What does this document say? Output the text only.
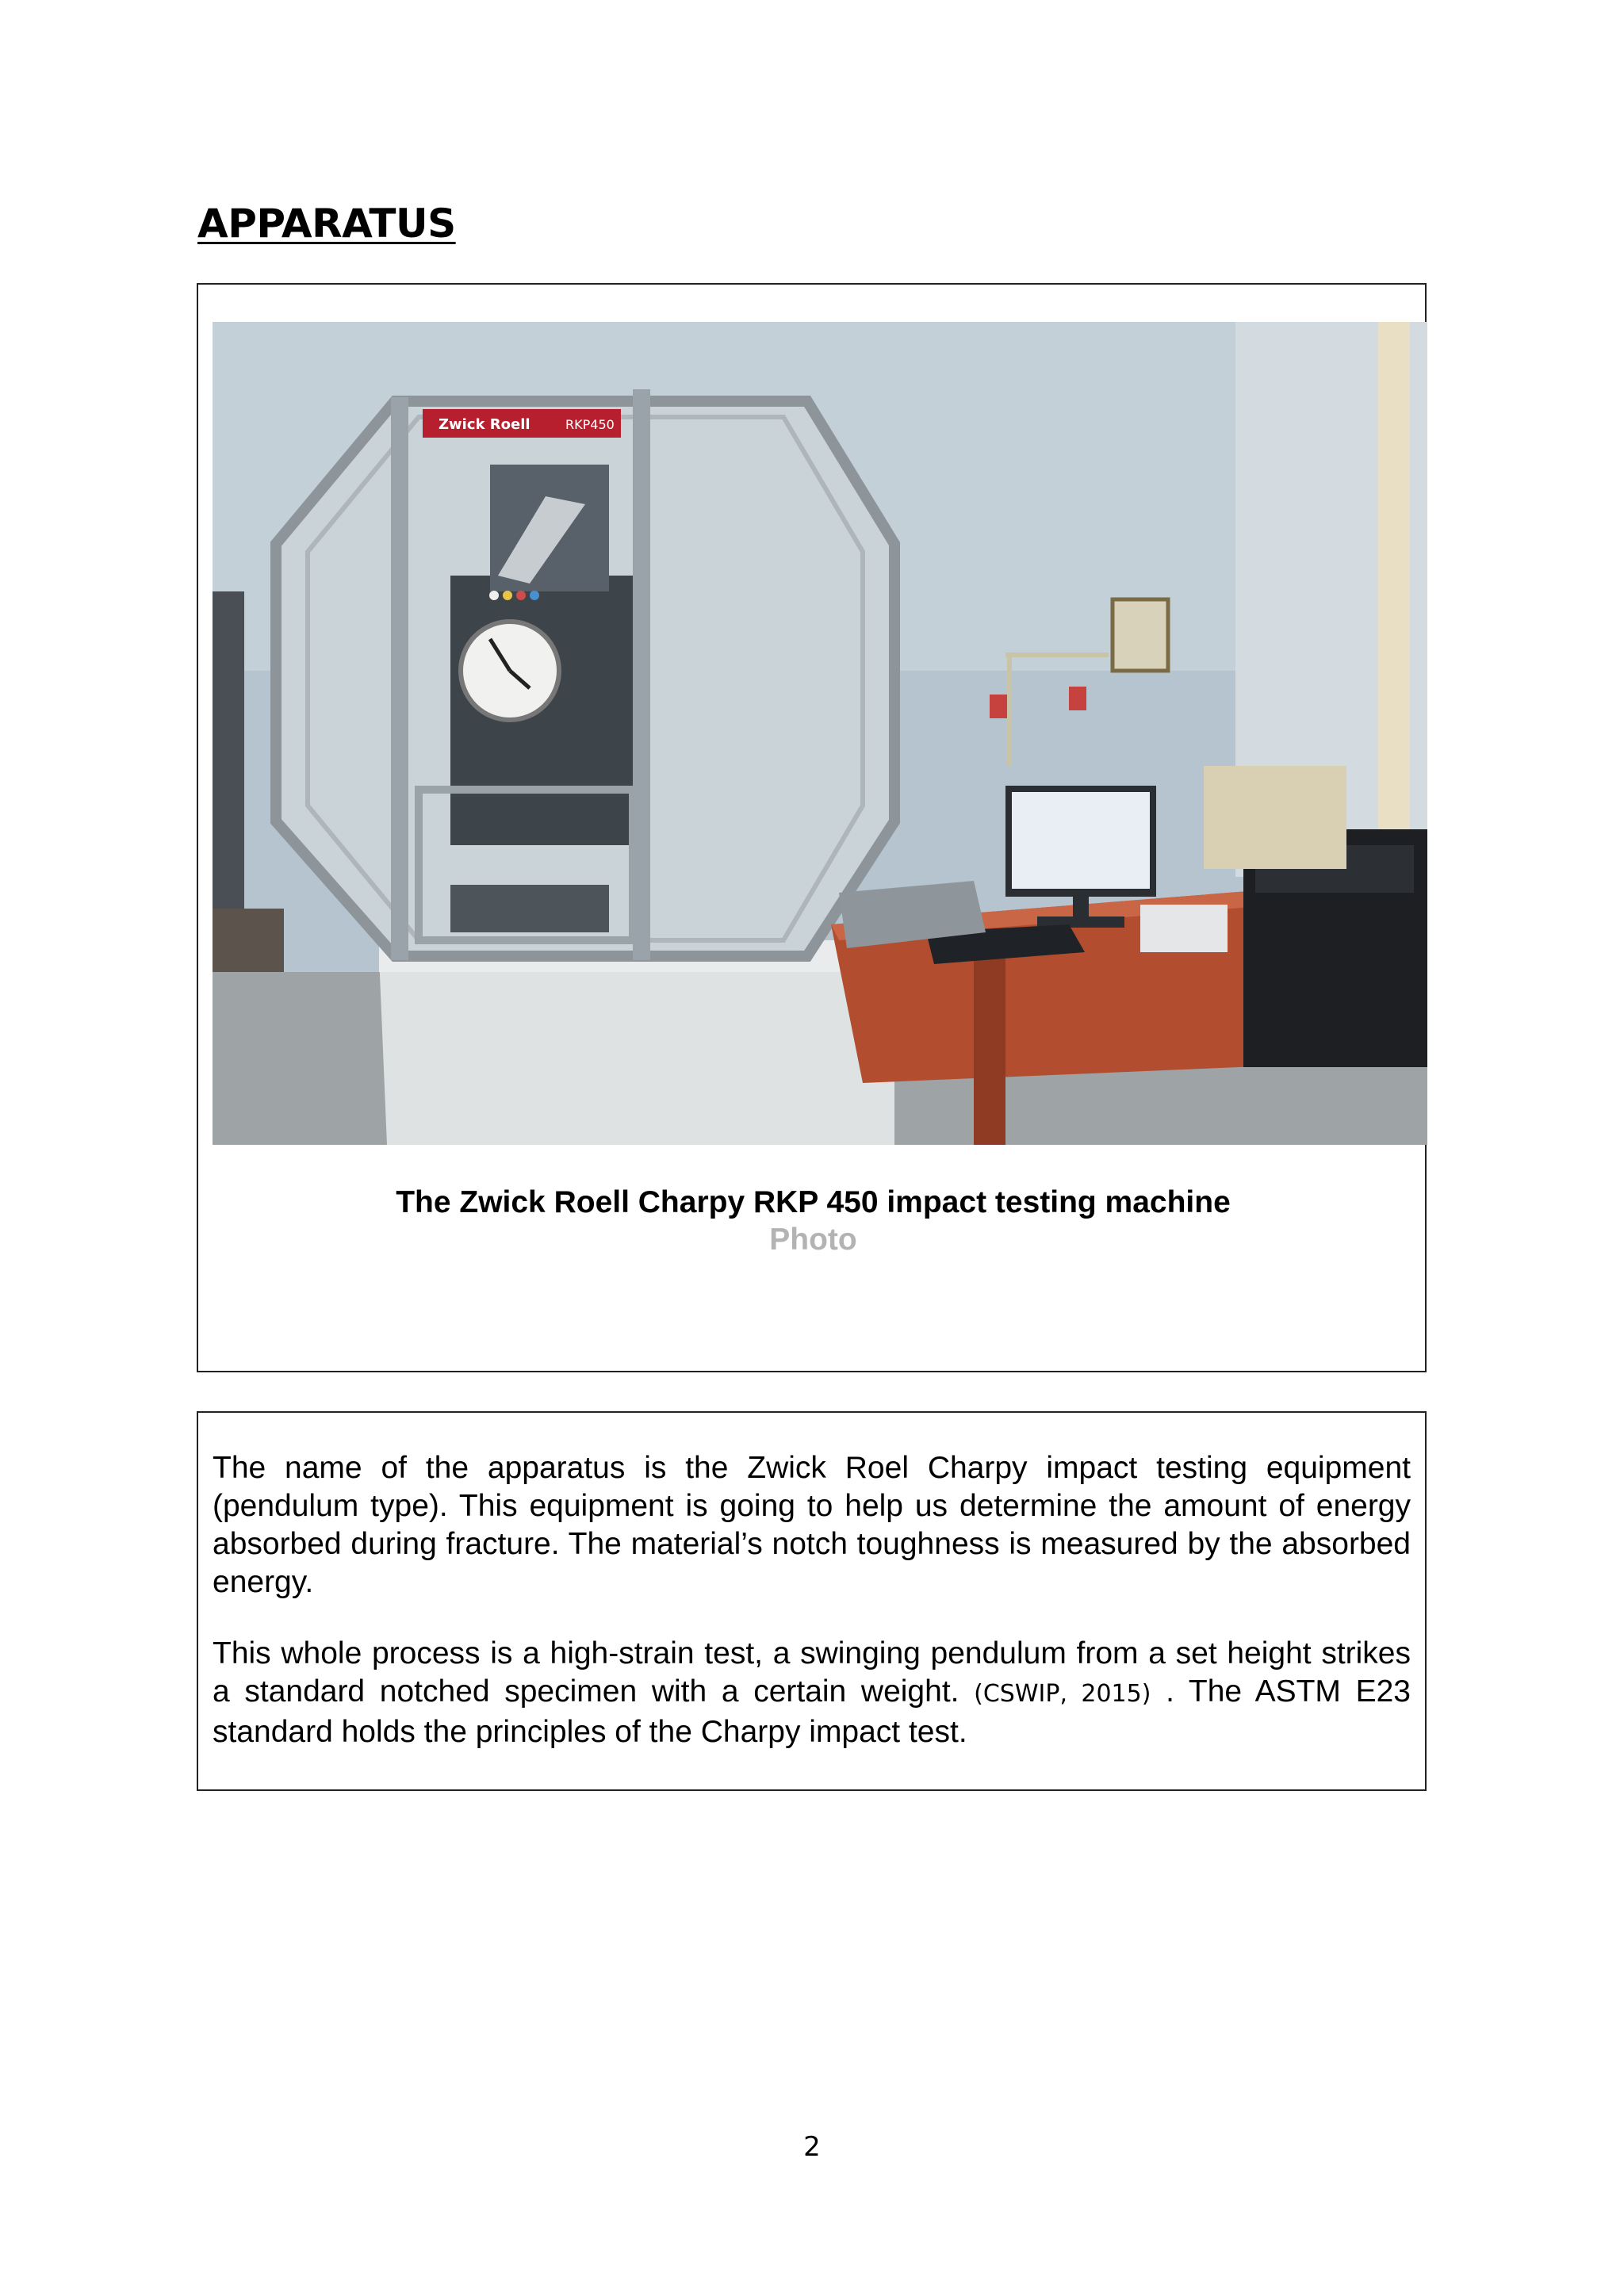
APPARATUS
Zwick Roell	RKP450
The Zwick Roell Charpy RKP 450 impact testing machine
Photo

The name of the apparatus is the Zwick Roel Charpy impact testing equipment (pendulum type). This equipment is going to help us determine the amount of energy absorbed during fracture. The material’s notch toughness is measured by the absorbed energy.

This whole process is a high-strain test, a swinging pendulum from a set height strikes a standard notched specimen with a certain weight. (CSWIP, 2015) . The ASTM E23 standard holds the principles of the Charpy impact test.

2
